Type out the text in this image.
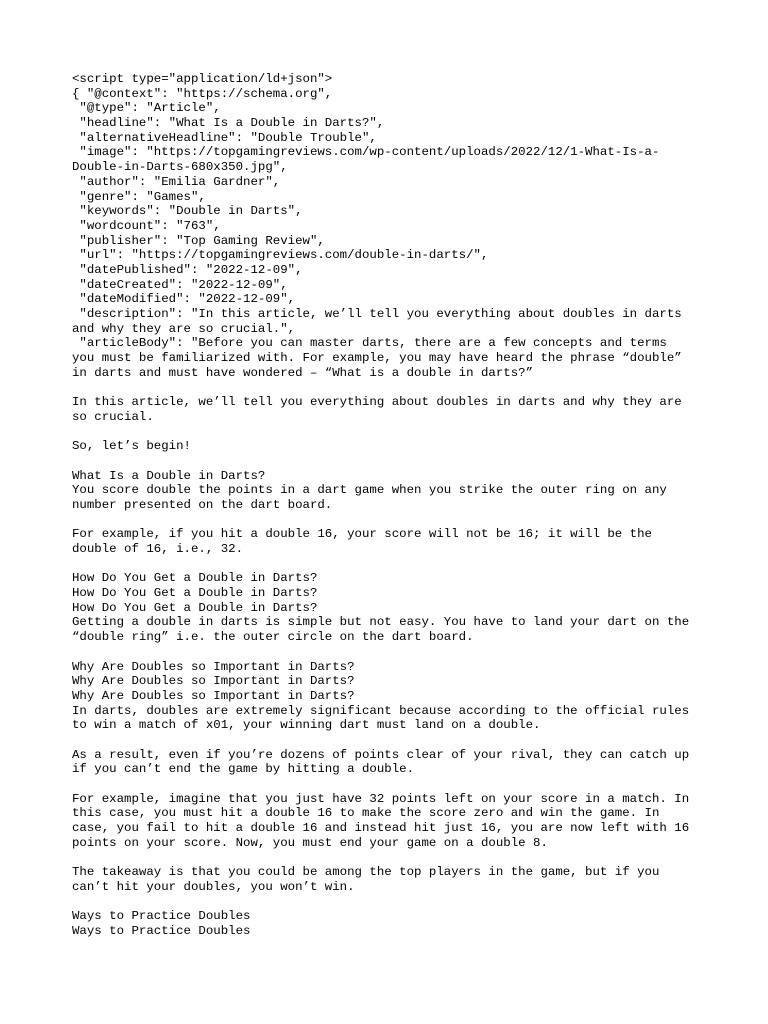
<script type="application/ld+json">
{ "@context": "https://schema.org",
"@type": "Article",
"headline": "What Is a Double in Darts?",
"alternativeHeadline": "Double Trouble",
"image": "https://topgamingreviews.com/wp-content/uploads/2022/12/1-What-Is-a-
Double-in-Darts-680x350.jpg",
"author": "Emilia Gardner",
"genre": "Games",
"keywords": "Double in Darts",
"wordcount": "763",
"publisher": "Top Gaming Review",
"url": "https://topgamingreviews.com/double-in-darts/",
"datePublished": "2022-12-09",
"dateCreated": "2022-12-09",
"dateModified": "2022-12-09",
"description": "In this article, we’ll tell you everything about doubles in darts
and why they are so crucial.",
"articleBody": "Before you can master darts, there are a few concepts and terms
you must be familiarized with. For example, you may have heard the phrase “double”
in darts and must have wondered – “What is a double in darts?”
In this article, we’ll tell you everything about doubles in darts and why they are
so crucial.
So, let’s begin!
What Is a Double in Darts?
You score double the points in a dart game when you strike the outer ring on any
number presented on the dart board.
For example, if you hit a double 16, your score will not be 16; it will be the
double of 16, i.e., 32.
How Do You Get a Double in Darts?
How Do You Get a Double in Darts?
How Do You Get a Double in Darts?
Getting a double in darts is simple but not easy. You have to land your dart on the
“double ring” i.e. the outer circle on the dart board.
Why Are Doubles so Important in Darts?
Why Are Doubles so Important in Darts?
Why Are Doubles so Important in Darts?
In darts, doubles are extremely significant because according to the official rules
to win a match of x01, your winning dart must land on a double.
As a result, even if you’re dozens of points clear of your rival, they can catch up
if you can’t end the game by hitting a double.
For example, imagine that you just have 32 points left on your score in a match. In
this case, you must hit a double 16 to make the score zero and win the game. In
case, you fail to hit a double 16 and instead hit just 16, you are now left with 16
points on your score. Now, you must end your game on a double 8.
The takeaway is that you could be among the top players in the game, but if you
can’t hit your doubles, you won’t win.
Ways to Practice Doubles
Ways to Practice Doubles
